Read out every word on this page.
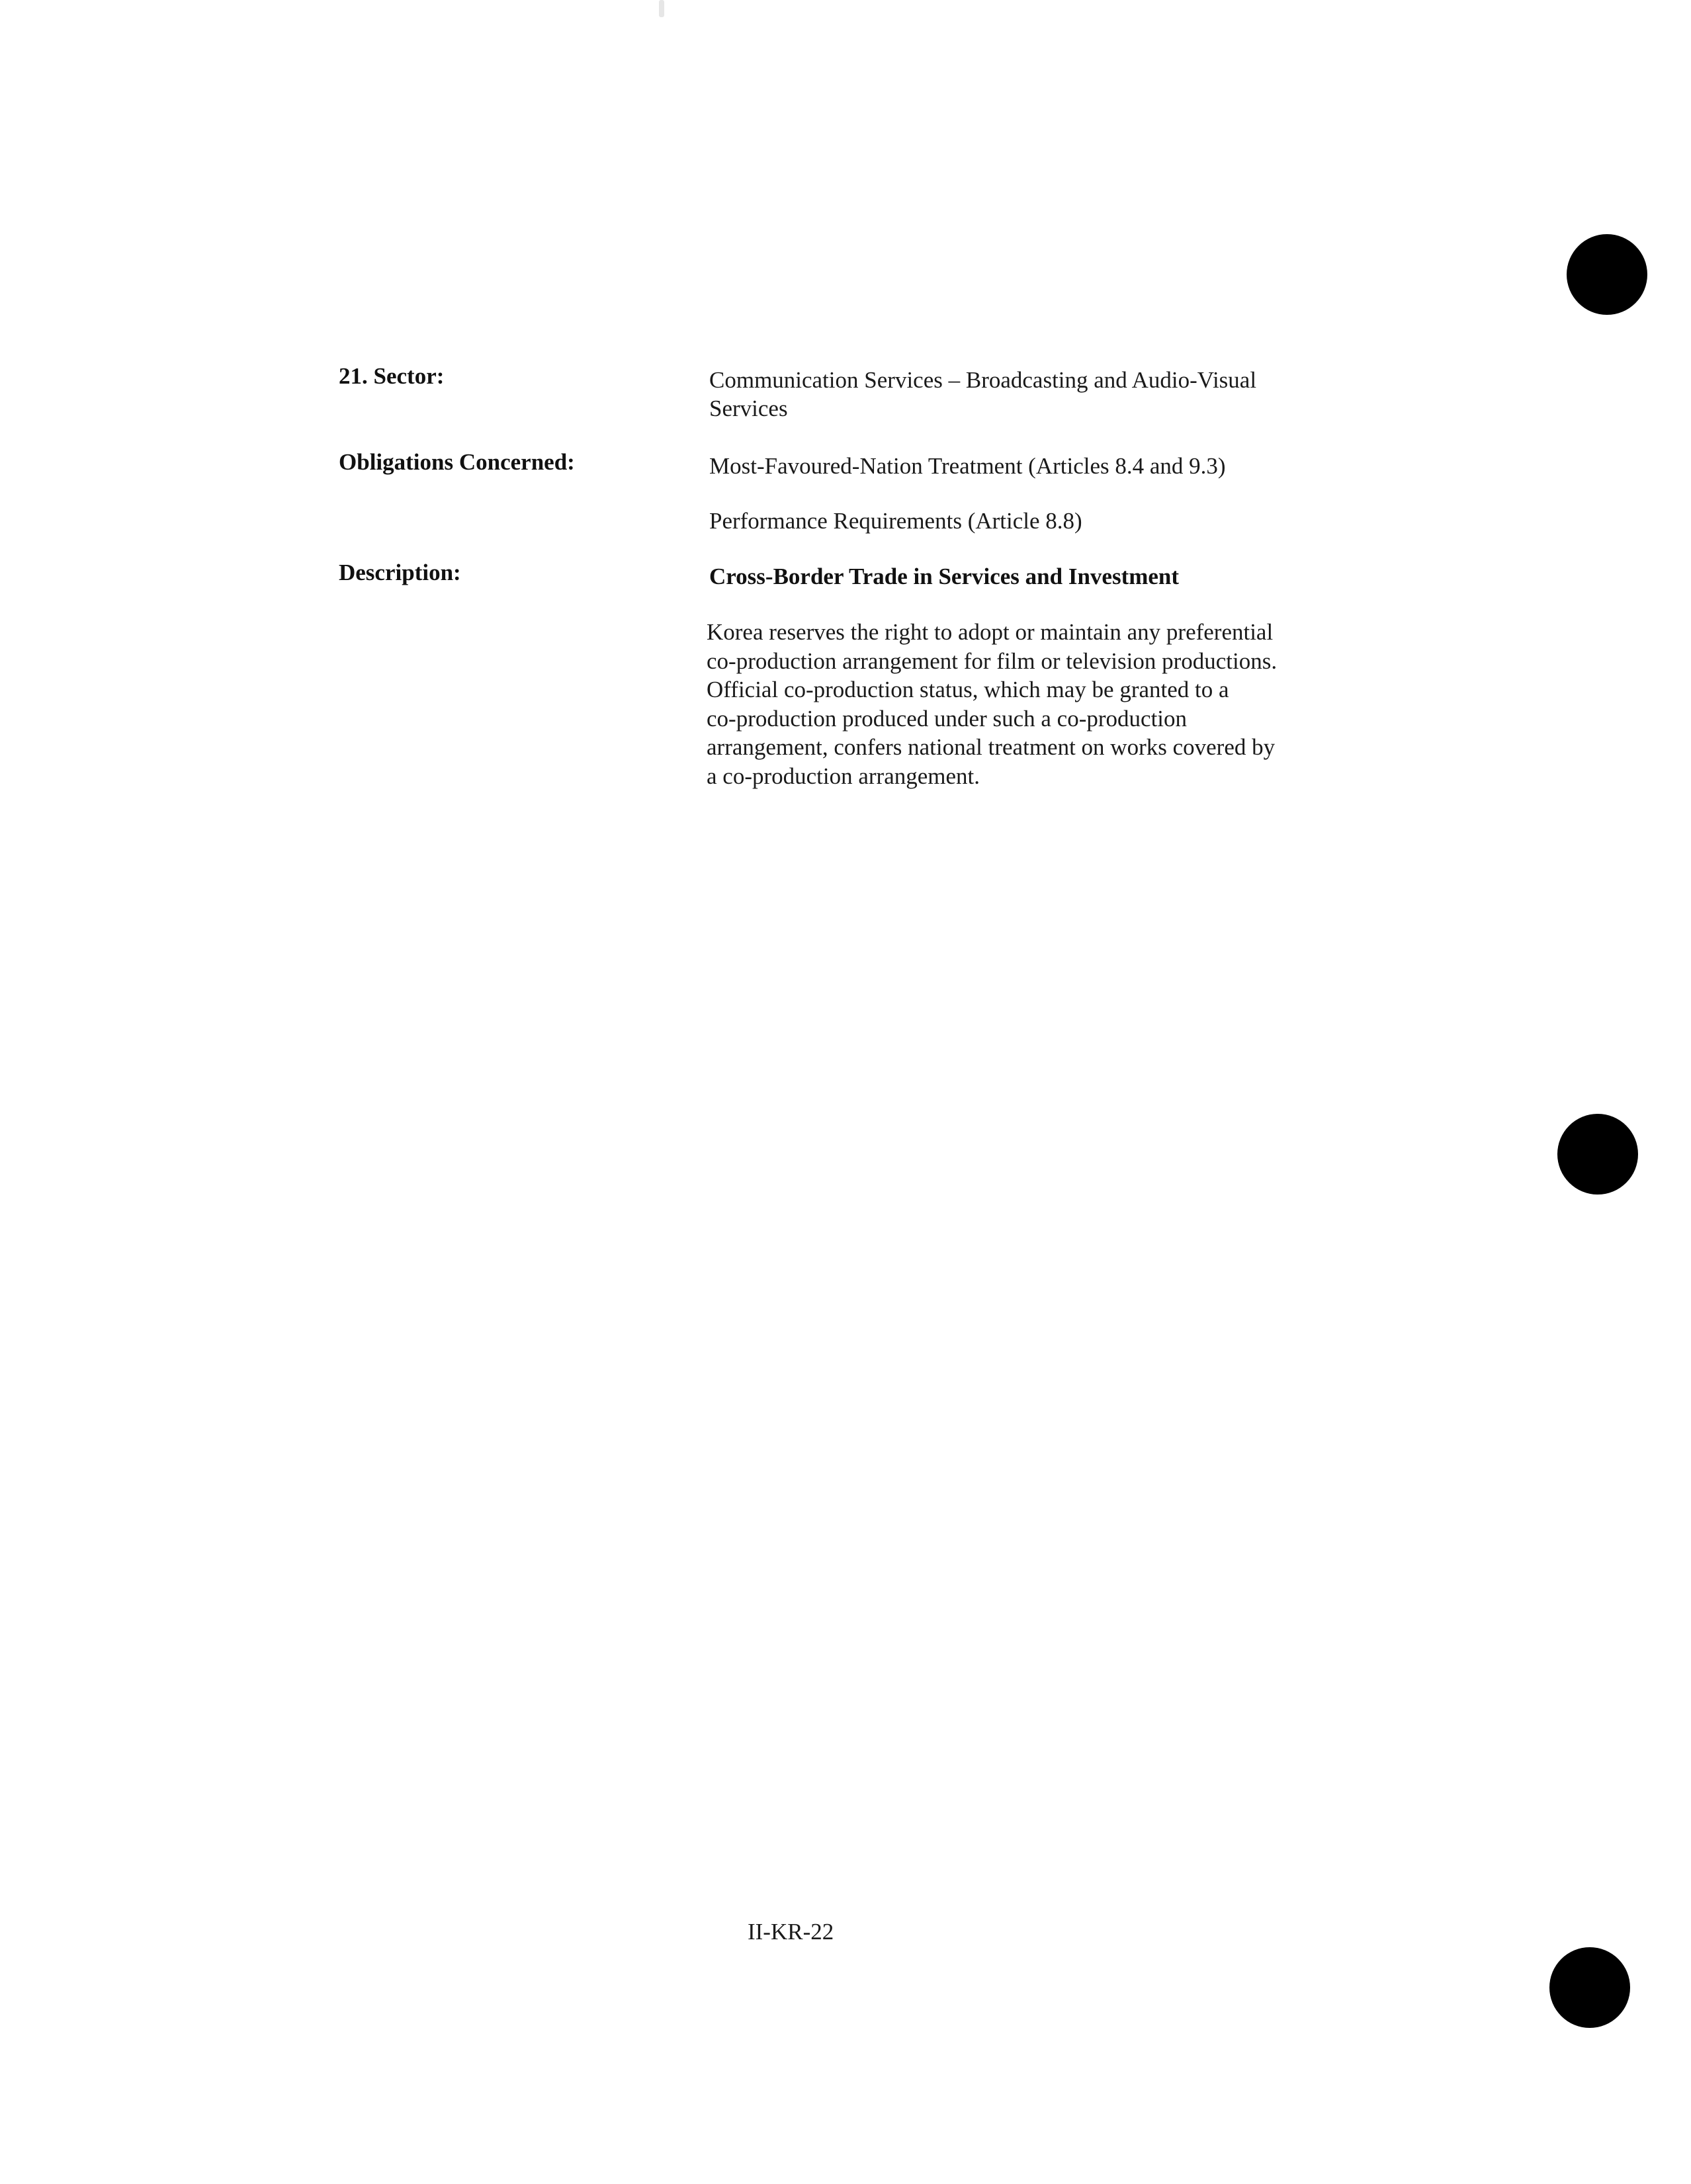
21. Sector:	Communication Services – Broadcasting and Audio-Visual
Services
Obligations Concerned:	Most-Favoured-Nation Treatment (Articles 8.4 and 9.3)
Performance Requirements (Article 8.8)
Description:	Cross-Border Trade in Services and Investment
Korea reserves the right to adopt or maintain any preferential
co-production arrangement for film or television productions.
Official co-production status, which may be granted to a
co-production produced under such a co-production
arrangement, confers national treatment on works covered by
a co-production arrangement.
II-KR-22
